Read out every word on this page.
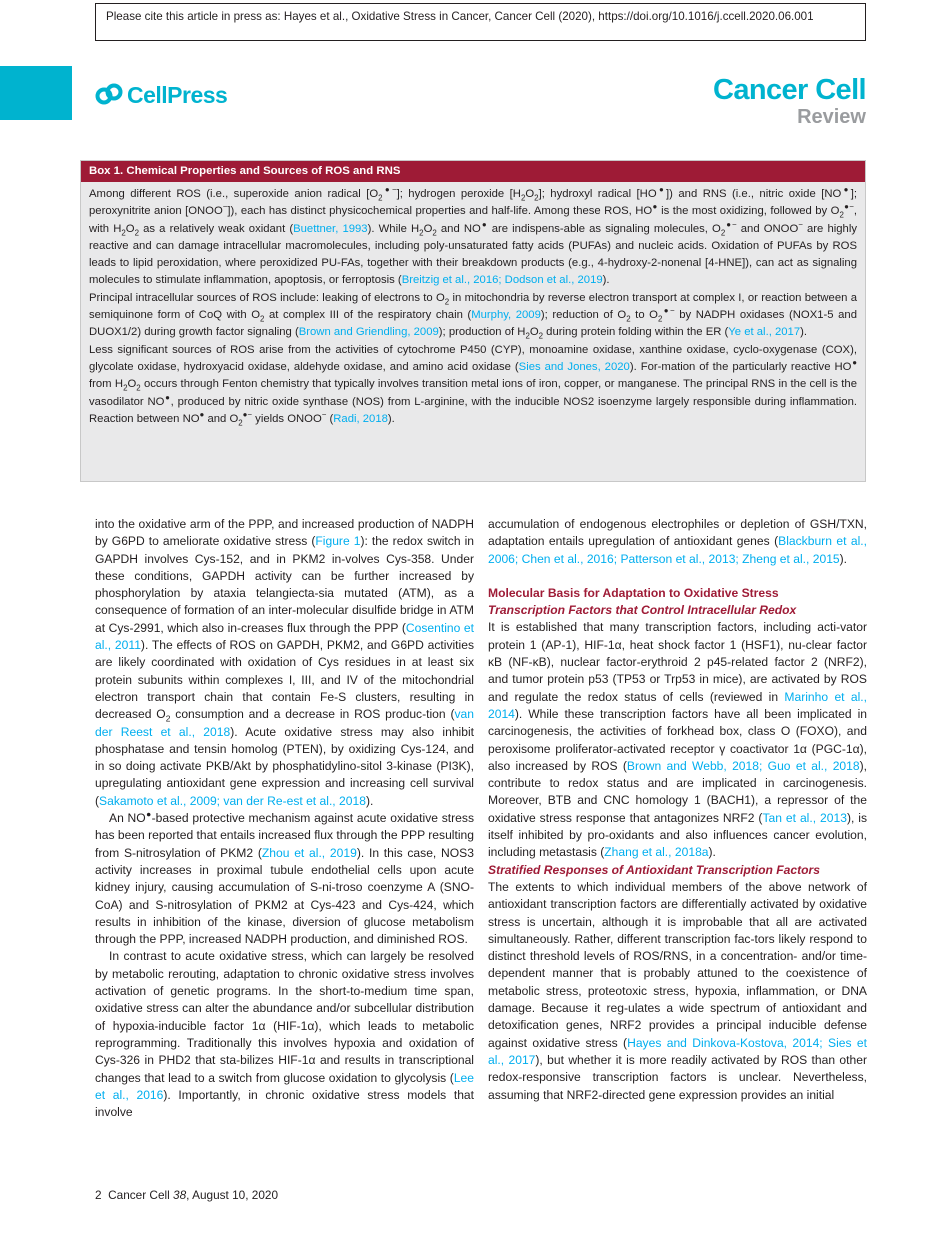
Please cite this article in press as: Hayes et al., Oxidative Stress in Cancer, Cancer Cell (2020), https://doi.org/10.1016/j.ccell.2020.06.001
CellPress	Cancer Cell
Review
Box 1. Chemical Properties and Sources of ROS and RNS

Among different ROS (i.e., superoxide anion radical $[O_2^{●-}]$; hydrogen peroxide $[H_2O_2]$; hydroxyl radical [HO●]) and RNS (i.e., nitric oxide [NO●]; peroxynitrite anion [ONOO−]), each has distinct physicochemical properties and half-life. Among these ROS, HO● is the most oxidizing, followed by $O_2^{●-}$, with $H_2O_2$ as a relatively weak oxidant (Buettner, 1993). While $H_2O_2$ and NO● are indispens-able as signaling molecules, $O_2^{●-}$ and ONOO− are highly reactive and can damage intracellular macromolecules, including poly-unsaturated fatty acids (PUFAs) and nucleic acids. Oxidation of PUFAs by ROS leads to lipid peroxidation, where peroxidized PU-FAs, together with their breakdown products (e.g., 4-hydroxy-2-nonenal [4-HNE]), can act as signaling molecules to stimulate inflammation, apoptosis, or ferroptosis (Breitzig et al., 2016; Dodson et al., 2019).

Principal intracellular sources of ROS include: leaking of electrons to $O_2$ in mitochondria by reverse electron transport at complex I, or reaction between a semiquinone form of CoQ with $O_2$ at complex III of the respiratory chain (Murphy, 2009); reduction of $O_2$ to $O_2^{●-}$ by NADPH oxidases (NOX1-5 and DUOX1/2) during growth factor signaling (Brown and Griendling, 2009); production of $H_2O_2$ during protein folding within the ER (Ye et al., 2017).

Less significant sources of ROS arise from the activities of cytochrome P450 (CYP), monoamine oxidase, xanthine oxidase, cyclo-oxygenase (COX), glycolate oxidase, hydroxyacid oxidase, aldehyde oxidase, and amino acid oxidase (Sies and Jones, 2020). For-mation of the particularly reactive HO● from $H_2O_2$ occurs through Fenton chemistry that typically involves transition metal ions of iron, copper, or manganese. The principal RNS in the cell is the vasodilator NO●, produced by nitric oxide synthase (NOS) from L-arginine, with the inducible NOS2 isoenzyme largely responsible during inflammation. Reaction between NO● and $O_2^{●-}$ yields ONOO− (Radi, 2018).

into the oxidative arm of the PPP, and increased production of NADPH by G6PD to ameliorate oxidative stress (Figure 1): the redox switch in GAPDH involves Cys-152, and in PKM2 in-volves Cys-358. Under these conditions, GAPDH activity can be further increased by phosphorylation by ataxia telangiecta-sia mutated (ATM), as a consequence of formation of an inter-molecular disulfide bridge in ATM at Cys-2991, which also in-creases flux through the PPP (Cosentino et al., 2011). The effects of ROS on GAPDH, PKM2, and G6PD activities are likely coordinated with oxidation of Cys residues in at least six protein subunits within complexes I, III, and IV of the mitochondrial electron transport chain that contain Fe-S clusters, resulting in decreased $O_2$ consumption and a decrease in ROS produc-tion (van der Reest et al., 2018). Acute oxidative stress may also inhibit phosphatase and tensin homolog (PTEN), by oxidizing Cys-124, and in so doing activate PKB/Akt by phosphatidylino-sitol 3-kinase (PI3K), upregulating antioxidant gene expression and increasing cell survival (Sakamoto et al., 2009; van der Re-est et al., 2018).

An NO●-based protective mechanism against acute oxidative stress has been reported that entails increased flux through the PPP resulting from S-nitrosylation of PKM2 (Zhou et al., 2019). In this case, NOS3 activity increases in proximal tubule endothelial cells upon acute kidney injury, causing accumulation of S-ni-troso coenzyme A (SNO-CoA) and S-nitrosylation of PKM2 at Cys-423 and Cys-424, which results in inhibition of the kinase, diversion of glucose metabolism through the PPP, increased NADPH production, and diminished ROS.

In contrast to acute oxidative stress, which can largely be resolved by metabolic rerouting, adaptation to chronic oxidative stress involves activation of genetic programs. In the short-to-medium time span, oxidative stress can alter the abundance and/or subcellular distribution of hypoxia-inducible factor 1α (HIF-1α), which leads to metabolic reprogramming. Traditionally this involves hypoxia and oxidation of Cys-326 in PHD2 that sta-bilizes HIF-1α and results in transcriptional changes that lead to a switch from glucose oxidation to glycolysis (Lee et al., 2016). Importantly, in chronic oxidative stress models that involve

accumulation of endogenous electrophiles or depletion of GSH/TXN, adaptation entails upregulation of antioxidant genes (Blackburn et al., 2006; Chen et al., 2016; Patterson et al., 2013; Zheng et al., 2015).

Molecular Basis for Adaptation to Oxidative Stress

Transcription Factors that Control Intracellular Redox

It is established that many transcription factors, including acti-vator protein 1 (AP-1), HIF-1α, heat shock factor 1 (HSF1), nu-clear factor κB (NF-κB), nuclear factor-erythroid 2 p45-related factor 2 (NRF2), and tumor protein p53 (TP53 or Trp53 in mice), are activated by ROS and regulate the redox status of cells (reviewed in Marinho et al., 2014). While these transcription factors have all been implicated in carcinogenesis, the activities of forkhead box, class O (FOXO), and peroxisome proliferator-activated receptor γ coactivator 1α (PGC-1α), also increased by ROS (Brown and Webb, 2018; Guo et al., 2018), contribute to redox status and are implicated in carcinogenesis. Moreover, BTB and CNC homology 1 (BACH1), a repressor of the oxidative stress response that antagonizes NRF2 (Tan et al., 2013), is itself inhibited by pro-oxidants and also influences cancer evolution, including metastasis (Zhang et al., 2018a).

Stratified Responses of Antioxidant Transcription Factors

The extents to which individual members of the above network of antioxidant transcription factors are differentially activated by oxidative stress is uncertain, although it is improbable that all are activated simultaneously. Rather, different transcription fac-tors likely respond to distinct threshold levels of ROS/RNS, in a concentration- and/or time-dependent manner that is probably attuned to the coexistence of metabolic stress, proteotoxic stress, hypoxia, inflammation, or DNA damage. Because it reg-ulates a wide spectrum of antioxidant and detoxification genes, NRF2 provides a principal inducible defense against oxidative stress (Hayes and Dinkova-Kostova, 2014; Sies et al., 2017), but whether it is more readily activated by ROS than other redox-responsive transcription factors is unclear. Nevertheless, assuming that NRF2-directed gene expression provides an initial

2 Cancer Cell 38, August 10, 2020
